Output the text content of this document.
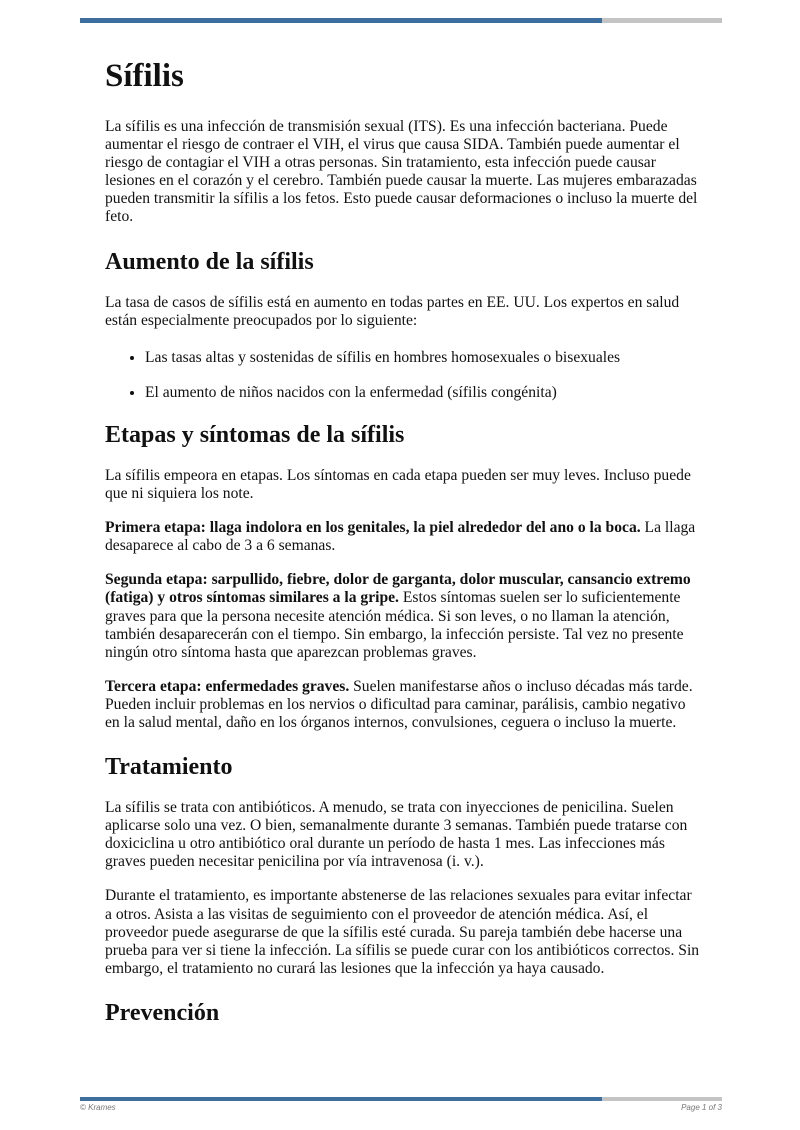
Sífilis

La sífilis es una infección de transmisión sexual (ITS). Es una infección bacteriana. Puede aumentar el riesgo de contraer el VIH, el virus que causa SIDA. También puede aumentar el riesgo de contagiar el VIH a otras personas. Sin tratamiento, esta infección puede causar lesiones en el corazón y el cerebro. También puede causar la muerte. Las mujeres embarazadas pueden transmitir la sífilis a los fetos. Esto puede causar deformaciones o incluso la muerte del feto.

Aumento de la sífilis

La tasa de casos de sífilis está en aumento en todas partes en EE. UU. Los expertos en salud están especialmente preocupados por lo siguiente:

• Las tasas altas y sostenidas de sífilis en hombres homosexuales o bisexuales
• El aumento de niños nacidos con la enfermedad (sífilis congénita)
Etapas y síntomas de la sífilis

La sífilis empeora en etapas. Los síntomas en cada etapa pueden ser muy leves. Incluso puede que ni siquiera los note.

Primera etapa: llaga indolora en los genitales, la piel alrededor del ano o la boca. La llaga desaparece al cabo de 3 a 6 semanas.

Segunda etapa: sarpullido, fiebre, dolor de garganta, dolor muscular, cansancio extremo (fatiga) y otros síntomas similares a la gripe. Estos síntomas suelen ser lo suficientemente graves para que la persona necesite atención médica. Si son leves, o no llaman la atención, también desaparecerán con el tiempo. Sin embargo, la infección persiste. Tal vez no presente ningún otro síntoma hasta que aparezcan problemas graves.

Tercera etapa: enfermedades graves. Suelen manifestarse años o incluso décadas más tarde. Pueden incluir problemas en los nervios o dificultad para caminar, parálisis, cambio negativo en la salud mental, daño en los órganos internos, convulsiones, ceguera o incluso la muerte.

Tratamiento

La sífilis se trata con antibióticos. A menudo, se trata con inyecciones de penicilina. Suelen aplicarse solo una vez. O bien, semanalmente durante 3 semanas. También puede tratarse con doxiciclina u otro antibiótico oral durante un período de hasta 1 mes. Las infecciones más graves pueden necesitar penicilina por vía intravenosa (i. v.).

Durante el tratamiento, es importante abstenerse de las relaciones sexuales para evitar infectar a otros. Asista a las visitas de seguimiento con el proveedor de atención médica. Así, el proveedor puede asegurarse de que la sífilis esté curada. Su pareja también debe hacerse una prueba para ver si tiene la infección. La sífilis se puede curar con los antibióticos correctos. Sin embargo, el tratamiento no curará las lesiones que la infección ya haya causado.

Prevención
© Krames	Page 1 of 3
